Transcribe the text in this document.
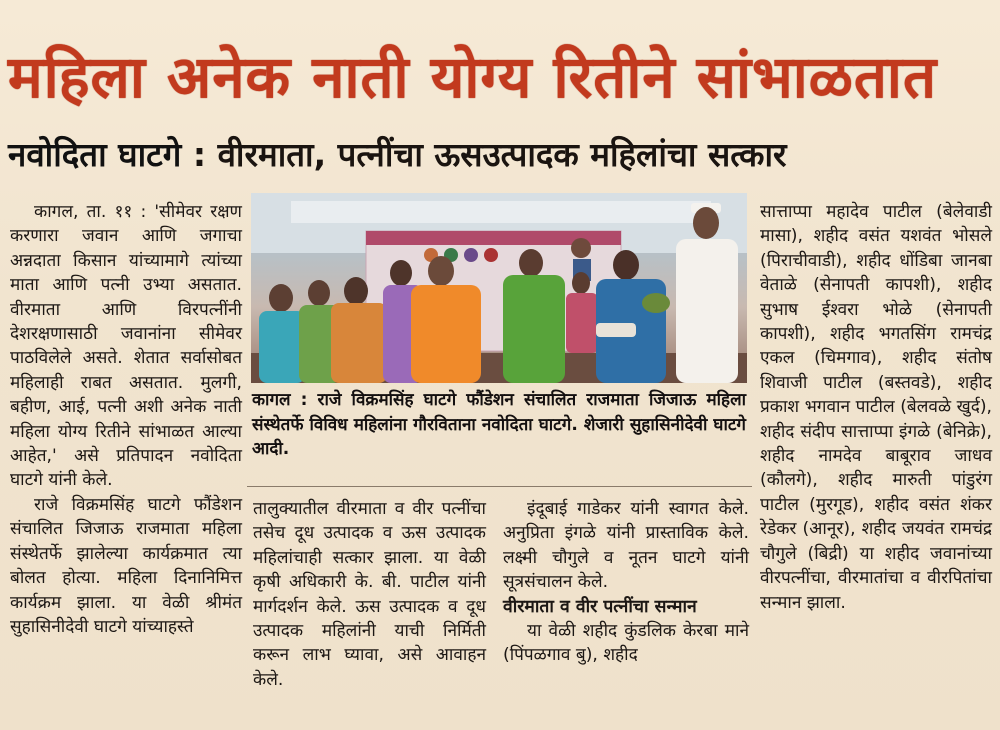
महिला अनेक नाती योग्य रितीने सांभाळतात
नवोदिता घाटगे : वीरमाता, पत्नींचा ऊसउत्पादक महिलांचा सत्कार

कागल, ता. ११ : 'सीमेवर रक्षण करणारा जवान आणि जगाचा अन्नदाता किसान यांच्यामागे त्यांच्या माता आणि पत्नी उभ्या असतात. वीरमाता आणि विरपत्नींनी देशरक्षणासाठी जवानांना सीमेवर पाठविलेले असते. शेतात सर्वासोबत महिलाही राबत असतात. मुलगी, बहीण, आई, पत्नी अशी अनेक नाती महिला योग्य रितीने सांभाळत आल्या आहेत,' असे प्रतिपादन नवोदिता घाटगे यांनी केले.

राजे विक्रमसिंह घाटगे फौंडेशन संचालित जिजाऊ राजमाता महिला संस्थेतर्फे झालेल्या कार्यक्रमात त्या बोलत होत्या. महिला दिनानिमित्त कार्यक्रम झाला. या वेळी श्रीमंत सुहासिनीदेवी घाटगे यांच्याहस्ते

कागल : राजे विक्रमसिंह घाटगे फौंडेशन संचालित राजमाता जिजाऊ महिला संस्थेतर्फे विविध महिलांना गौरविताना नवोदिता घाटगे. शेजारी सुहासिनीदेवी घाटगे आदी.

तालुक्यातील वीरमाता व वीर पत्नींचा तसेच दूध उत्पादक व ऊस उत्पादक महिलांचाही सत्कार झाला. या वेळी कृषी अधिकारी के. बी. पाटील यांनी मार्गदर्शन केले. ऊस उत्पादक व दूध उत्पादक महिलांनी याची निर्मिती करून लाभ घ्यावा, असे आवाहन केले.

इंदूबाई गाडेकर यांनी स्वागत केले. अनुप्रिता इंगळे यांनी प्रास्ताविक केले. लक्ष्मी चौगुले व नूतन घाटगे यांनी सूत्रसंचालन केले.

वीरमाता व वीर पत्नींचा सन्मान

या वेळी शहीद कुंडलिक केरबा माने (पिंपळगाव बु), शहीद

सात्ताप्पा महादेव पाटील (बेलेवाडी मासा), शहीद वसंत यशवंत भोसले (पिराचीवाडी), शहीद धोंडिबा जानबा वेताळे (सेनापती कापशी), शहीद सुभाष ईश्वरा भोळे (सेनापती कापशी), शहीद भगतसिंग रामचंद्र एकल (चिमगाव), शहीद संतोष शिवाजी पाटील (बस्तवडे), शहीद प्रकाश भगवान पाटील (बेलवळे खुर्द), शहीद संदीप सात्ताप्पा इंगळे (बेनिक्रे), शहीद नामदेव बाबूराव जाधव (कौलगे), शहीद मारुती पांडुरंग पाटील (मुरगूड), शहीद वसंत शंकर रेडेकर (आनूर), शहीद जयवंत रामचंद्र चौगुले (बिद्री) या शहीद जवानांच्या वीरपत्नींचा, वीरमातांचा व वीरपितांचा सन्मान झाला.
